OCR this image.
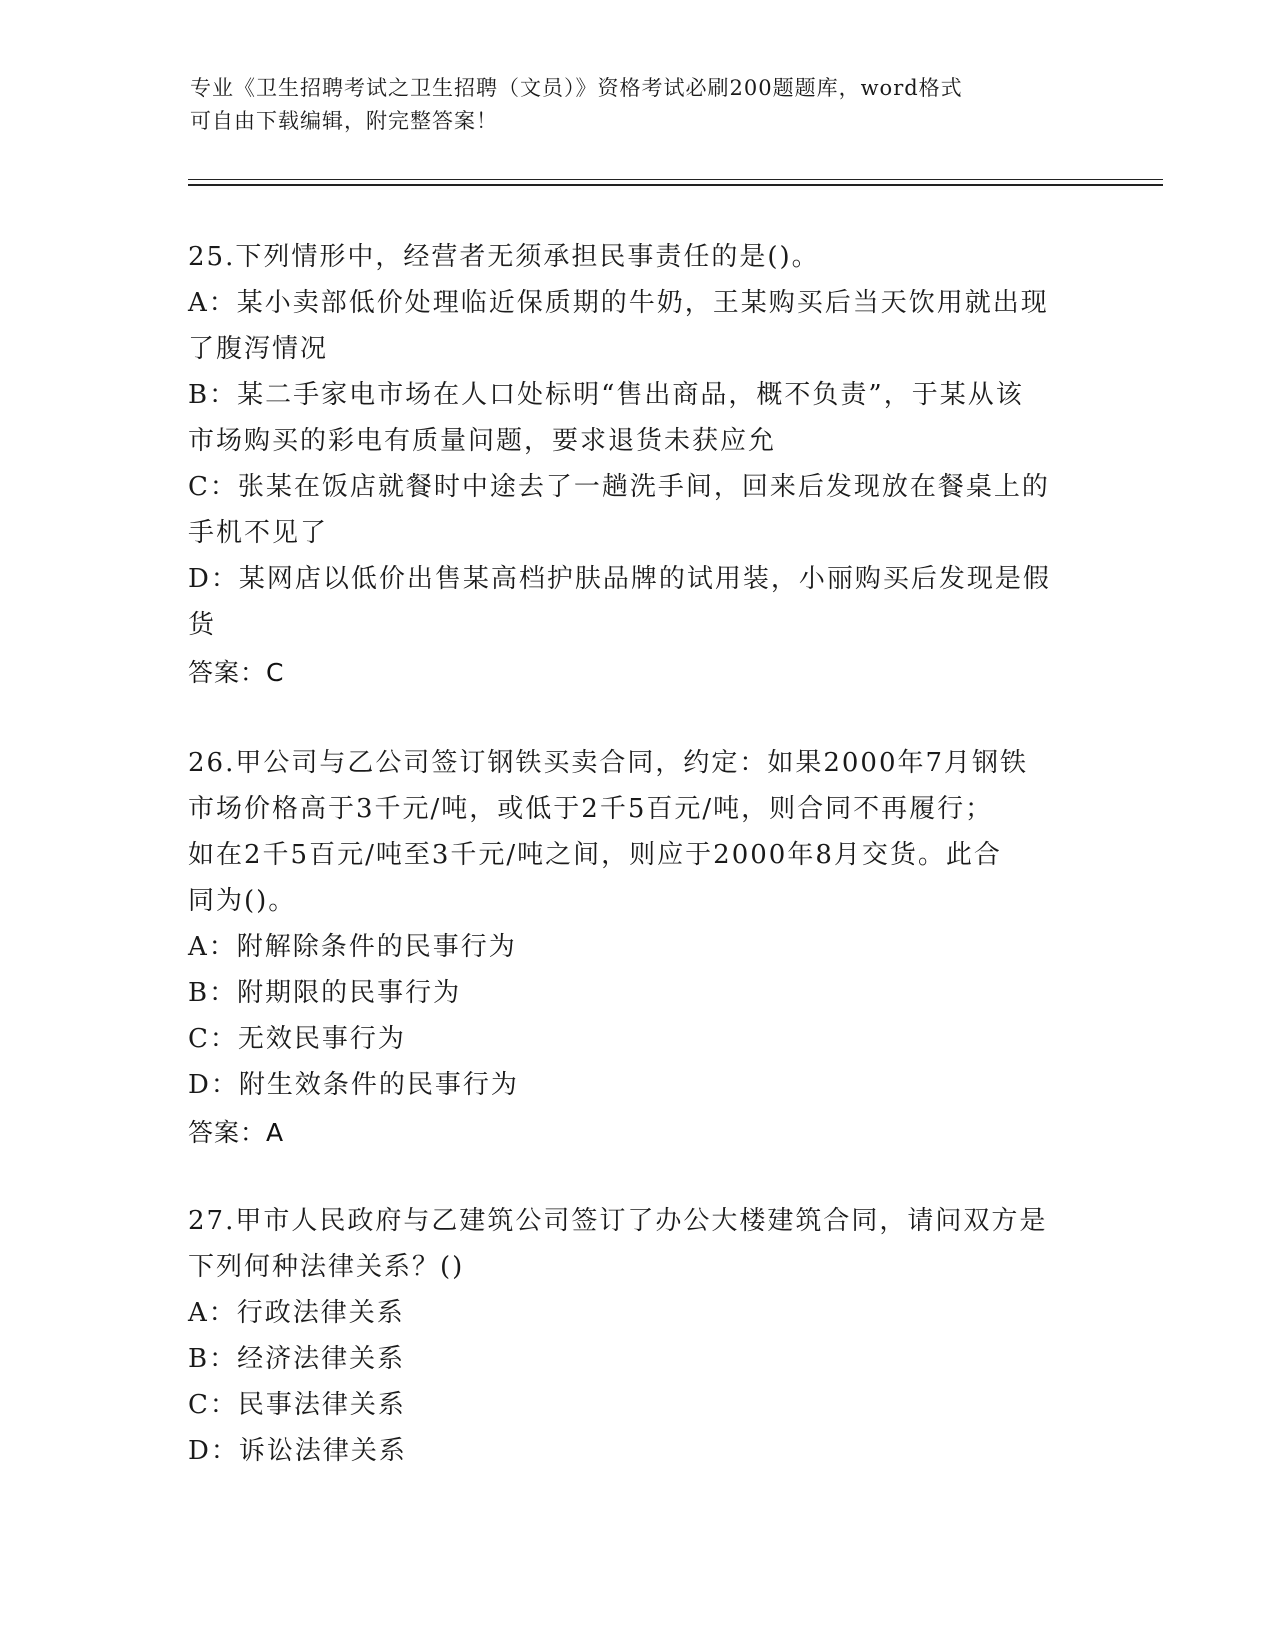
专业《卫生招聘考试之卫生招聘（文员）》资格考试必刷200题题库，word格式
可自由下载编辑，附完整答案！
25.下列情形中，经营者无须承担民事责任的是()。
A：某小卖部低价处理临近保质期的牛奶，王某购买后当天饮用就出现
了腹泻情况
B：某二手家电市场在人口处标明“售出商品，概不负责”，于某从该
市场购买的彩电有质量问题，要求退货未获应允
C：张某在饭店就餐时中途去了一趟洗手间，回来后发现放在餐桌上的
手机不见了
D：某网店以低价出售某高档护肤品牌的试用装，小丽购买后发现是假
货
答案：C
26.甲公司与乙公司签订钢铁买卖合同，约定：如果2000年7月钢铁
市场价格高于3千元/吨，或低于2千5百元/吨，则合同不再履行；
如在2千5百元/吨至3千元/吨之间，则应于2000年8月交货。此合
同为()。
A：附解除条件的民事行为
B：附期限的民事行为
C：无效民事行为
D：附生效条件的民事行为
答案：A
27.甲市人民政府与乙建筑公司签订了办公大楼建筑合同，请问双方是
下列何种法律关系？()
A：行政法律关系
B：经济法律关系
C：民事法律关系
D：诉讼法律关系
